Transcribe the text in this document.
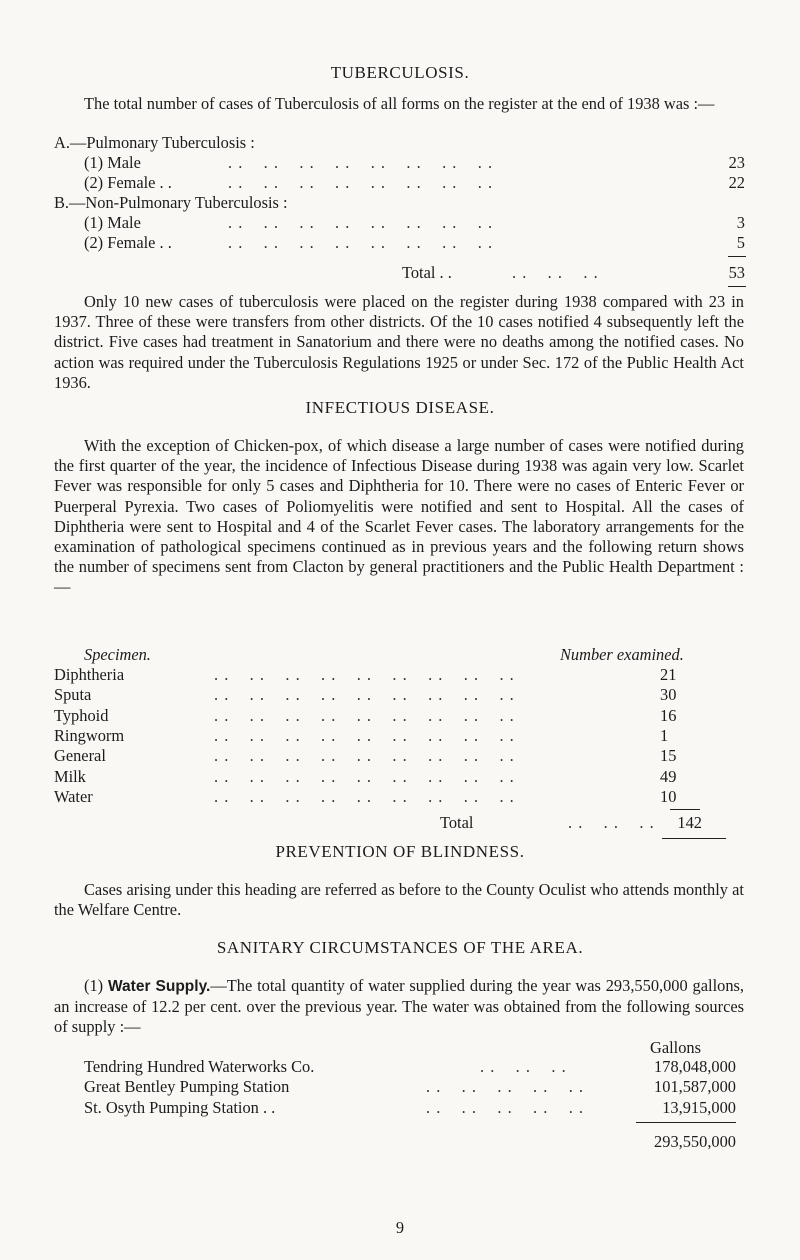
TUBERCULOSIS.
The total number of cases of Tuberculosis of all forms on the register at the end of 1938 was :—
A.—Pulmonary Tuberculosis :
(1) Male	. .    . .    . .    . .    . .    . .    . .    . .	23
(2) Female . .	. .    . .    . .    . .    . .    . .    . .    . .	22
B.—Non-Pulmonary Tuberculosis :
(1) Male	. .    . .    . .    . .    . .    . .    . .    . .	3
(2) Female . .	. .    . .    . .    . .    . .    . .    . .    . .	5
Total . .	. .    . .    . .	53
Only 10 new cases of tuberculosis were placed on the register during 1938 compared with 23 in 1937. Three of these were transfers from other districts. Of the 10 cases notified 4 subsequently left the district. Five cases had treatment in Sanatorium and there were no deaths among the notified cases. No action was required under the Tuberculosis Regulations 1925 or under Sec. 172 of the Public Health Act 1936.
INFECTIOUS DISEASE.
With the exception of Chicken-pox, of which disease a large number of cases were notified during the first quarter of the year, the incidence of Infectious Disease during 1938 was again very low. Scarlet Fever was responsible for only 5 cases and Diphtheria for 10. There were no cases of Enteric Fever or Puerperal Pyrexia. Two cases of Poliomyelitis were notified and sent to Hospital. All the cases of Diphtheria were sent to Hospital and 4 of the Scarlet Fever cases. The laboratory arrangements for the examination of pathological specimens continued as in previous years and the following return shows the number of specimens sent from Clacton by general practitioners and the Public Health Department :—
Specimen.	Number examined.
Diphtheria	. .    . .    . .    . .    . .    . .    . .    . .    . .	21
Sputa	. .    . .    . .    . .    . .    . .    . .    . .    . .	30
Typhoid	. .    . .    . .    . .    . .    . .    . .    . .    . .	16
Ringworm	. .    . .    . .    . .    . .    . .    . .    . .    . .	1
General	. .    . .    . .    . .    . .    . .    . .    . .    . .	15
Milk	. .    . .    . .    . .    . .    . .    . .    . .    . .	49
Water	. .    . .    . .    . .    . .    . .    . .    . .    . .	10
Total	. .    . .    . .	142
PREVENTION OF BLINDNESS.
Cases arising under this heading are referred as before to the County Oculist who attends monthly at the Welfare Centre.
SANITARY CIRCUMSTANCES OF THE AREA.
(1) Water Supply.—The total quantity of water supplied during the year was 293,550,000 gallons, an increase of 12.2 per cent. over the previous year. The water was obtained from the following sources of supply :—
Gallons
Tendring Hundred Waterworks Co.	. .    . .    . .	178,048,000
Great Bentley Pumping Station	. .    . .    . .    . .    . .	101,587,000
St. Osyth Pumping Station . .	. .    . .    . .    . .    . .	13,915,000
293,550,000
9
